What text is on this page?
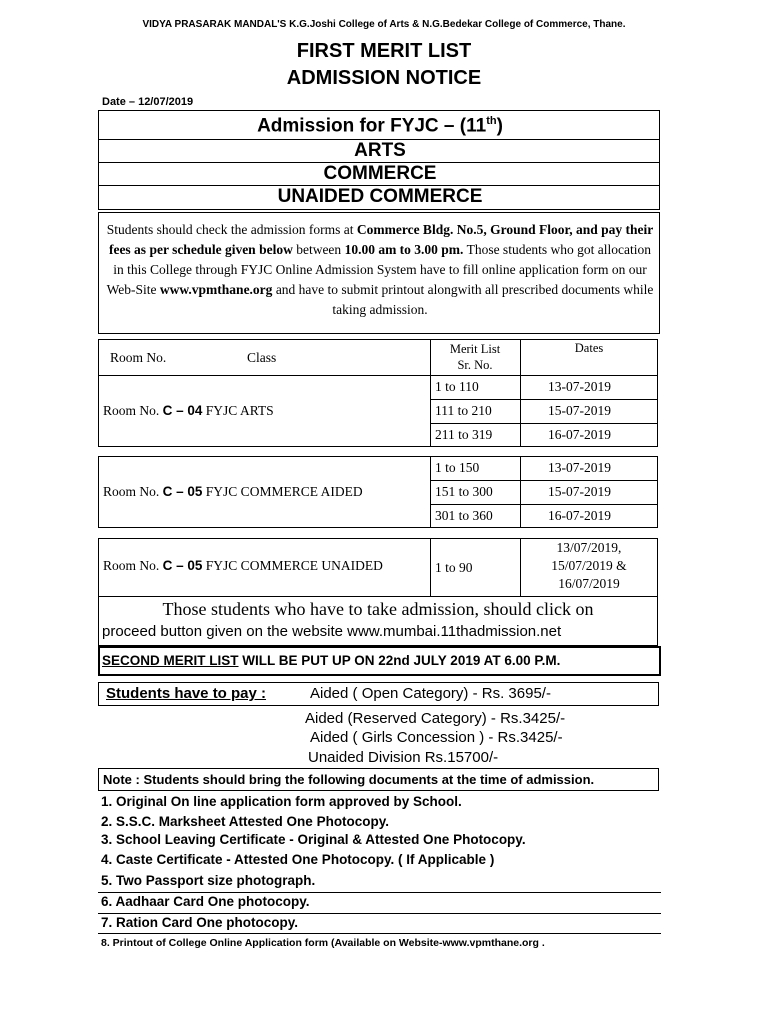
VIDYA PRASARAK MANDAL'S K.G.Joshi College of Arts & N.G.Bedekar College of Commerce, Thane.
FIRST MERIT LIST
ADMISSION NOTICE
Date – 12/07/2019
Admission for FYJC – (11th)
ARTS
COMMERCE
UNAIDED COMMERCE
Students should check the admission forms at Commerce Bldg. No.5, Ground Floor, and pay their fees as per schedule given below between 10.00 am to 3.00 pm. Those students who got allocation in this College through FYJC Online Admission System have to fill online application form on our Web-Site www.vpmthane.org and have to submit printout alongwith all prescribed documents while taking admission.
Room No.	Class
Merit List
Sr. No.
Dates
Room No. C – 04 FYJC ARTS
1 to 110	13-07-2019
111 to 210	15-07-2019
211 to 319	16-07-2019
Room No. C – 05 FYJC COMMERCE AIDED
1 to 150	13-07-2019
151 to 300	15-07-2019
301 to 360	16-07-2019
Room No. C – 05 FYJC COMMERCE UNAIDED	1 to 90
13/07/2019,
15/07/2019 &
16/07/2019
Those students who have to take admission, should click on
proceed button given on the website www.mumbai.11thadmission.net
SECOND MERIT LIST WILL BE PUT UP ON 22nd JULY 2019 AT 6.00 P.M.
Students have to pay :	Aided ( Open Category) - Rs. 3695/-
Aided (Reserved Category) - Rs.3425/-
Aided ( Girls Concession ) - Rs.3425/-
Unaided Division Rs.15700/-
Note : Students should bring the following documents at the time of admission.
1. Original On line application form approved by School.
2. S.S.C. Marksheet Attested One Photocopy.
3. School Leaving Certificate - Original & Attested One Photocopy.
4. Caste Certificate - Attested One Photocopy. ( If Applicable )
5. Two Passport size photograph.
6. Aadhaar Card One photocopy.
7. Ration Card One photocopy.
8. Printout of College Online Application form (Available on Website-www.vpmthane.org .
